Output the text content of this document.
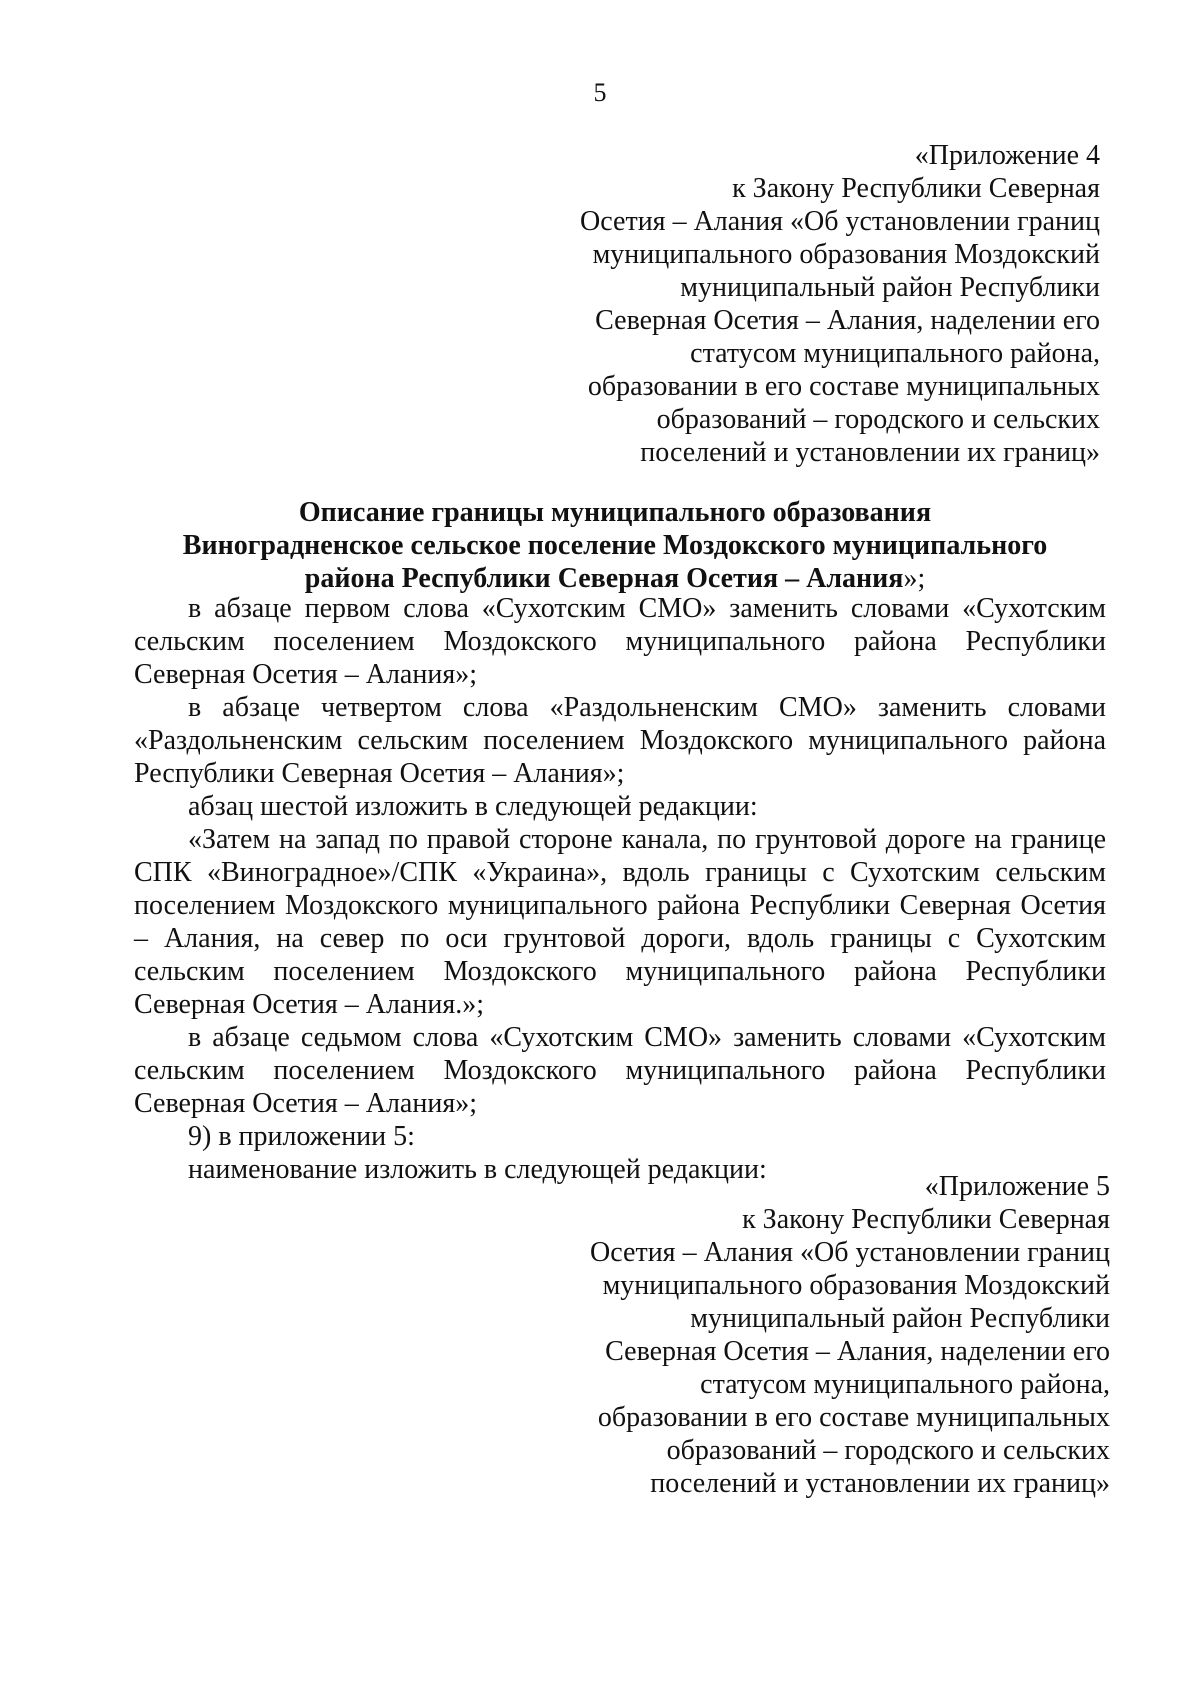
5
«Приложение 4
к Закону Республики Северная
Осетия – Алания «Об установлении границ
муниципального образования Моздокский
муниципальный район Республики
Северная Осетия – Алания, наделении его
статусом муниципального района,
образовании в его составе муниципальных
образований – городского и сельских
поселений и установлении их границ»
Описание границы муниципального образования
Виноградненское сельское поселение Моздокского муниципального
района Республики Северная Осетия – Алания»;

в абзаце первом слова «Сухотским СМО» заменить словами «Сухотским сельским поселением Моздокского муниципального района Республики Северная Осетия – Алания»;

в абзаце четвертом слова «Раздольненским СМО» заменить словами «Раздольненским сельским поселением Моздокского муниципального района Республики Северная Осетия – Алания»;

абзац шестой изложить в следующей редакции:

«Затем на запад по правой стороне канала, по грунтовой дороге на границе СПК «Виноградное»/СПК «Украина», вдоль границы с Сухотским сельским поселением Моздокского муниципального района Республики Северная Осетия – Алания, на север по оси грунтовой дороги, вдоль границы с Сухотским сельским поселением Моздокского муниципального района Республики Северная Осетия – Алания.»;

в абзаце седьмом слова «Сухотским СМО» заменить словами «Сухотским сельским поселением Моздокского муниципального района Республики Северная Осетия – Алания»;

9) в приложении 5:

наименование изложить в следующей редакции:

«Приложение 5
к Закону Республики Северная
Осетия – Алания «Об установлении границ
муниципального образования Моздокский
муниципальный район Республики
Северная Осетия – Алания, наделении его
статусом муниципального района,
образовании в его составе муниципальных
образований – городского и сельских
поселений и установлении их границ»
